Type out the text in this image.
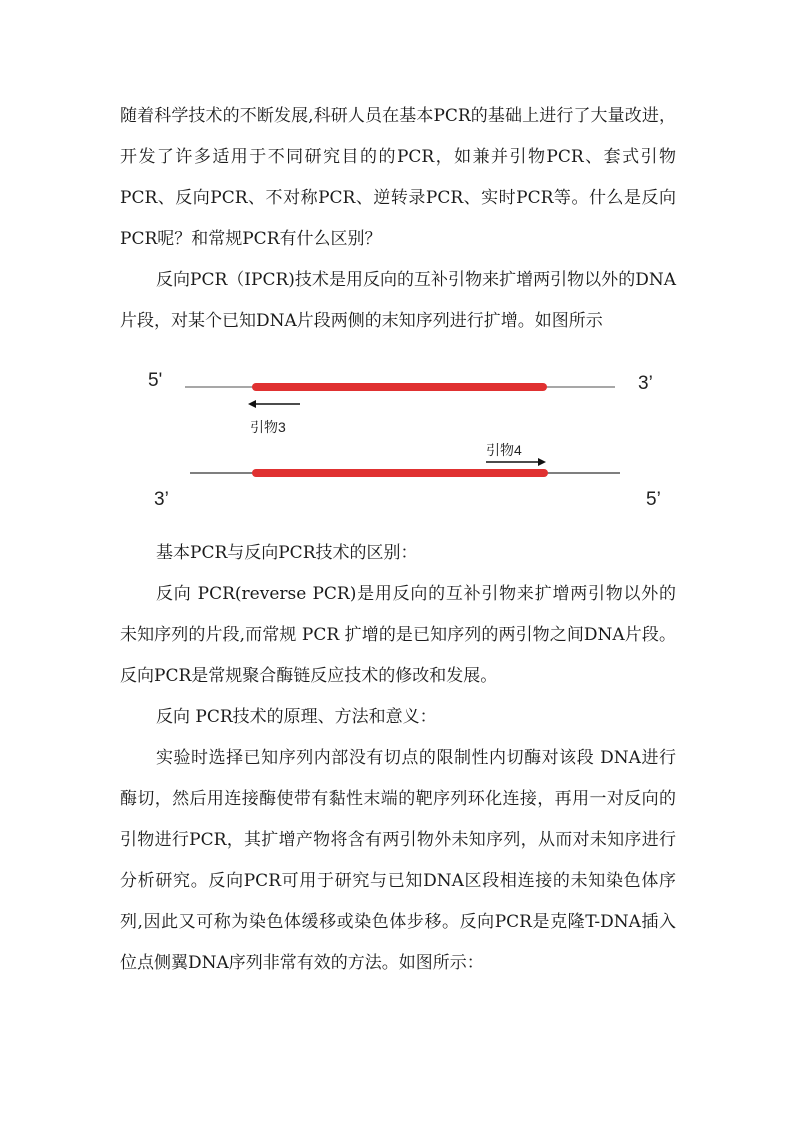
随着科学技术的不断发展,科研人员在基本PCR的基础上进行了大量改进，开发了许多适用于不同研究目的的PCR，如兼并引物PCR、套式引物PCR、反向PCR、不对称PCR、逆转录PCR、实时PCR等。什么是反向PCR呢？和常规PCR有什么区别？

反向PCR（IPCR)技术是用反向的互补引物来扩增两引物以外的DNA片段，对某个已知DNA片段两侧的末知序列进行扩增。如图所示

5'	3’
引物3
引物4
3’	5’

基本PCR与反向PCR技术的区别：

反向 PCR(reverse PCR)是用反向的互补引物来扩增两引物以外的未知序列的片段,而常规 PCR 扩增的是已知序列的两引物之间DNA片段。反向PCR是常规聚合酶链反应技术的修改和发展。

反向 PCR技术的原理、方法和意义：

实验时选择已知序列内部没有切点的限制性内切酶对该段 DNA进行酶切，然后用连接酶使带有黏性末端的靶序列环化连接，再用一对反向的引物进行PCR，其扩增产物将含有两引物外未知序列，从而对未知序进行分析研究。反向PCR可用于研究与已知DNA区段相连接的未知染色体序列,因此又可称为染色体缓移或染色体步移。反向PCR是克隆T-DNA插入位点侧翼DNA序列非常有效的方法。如图所示：
